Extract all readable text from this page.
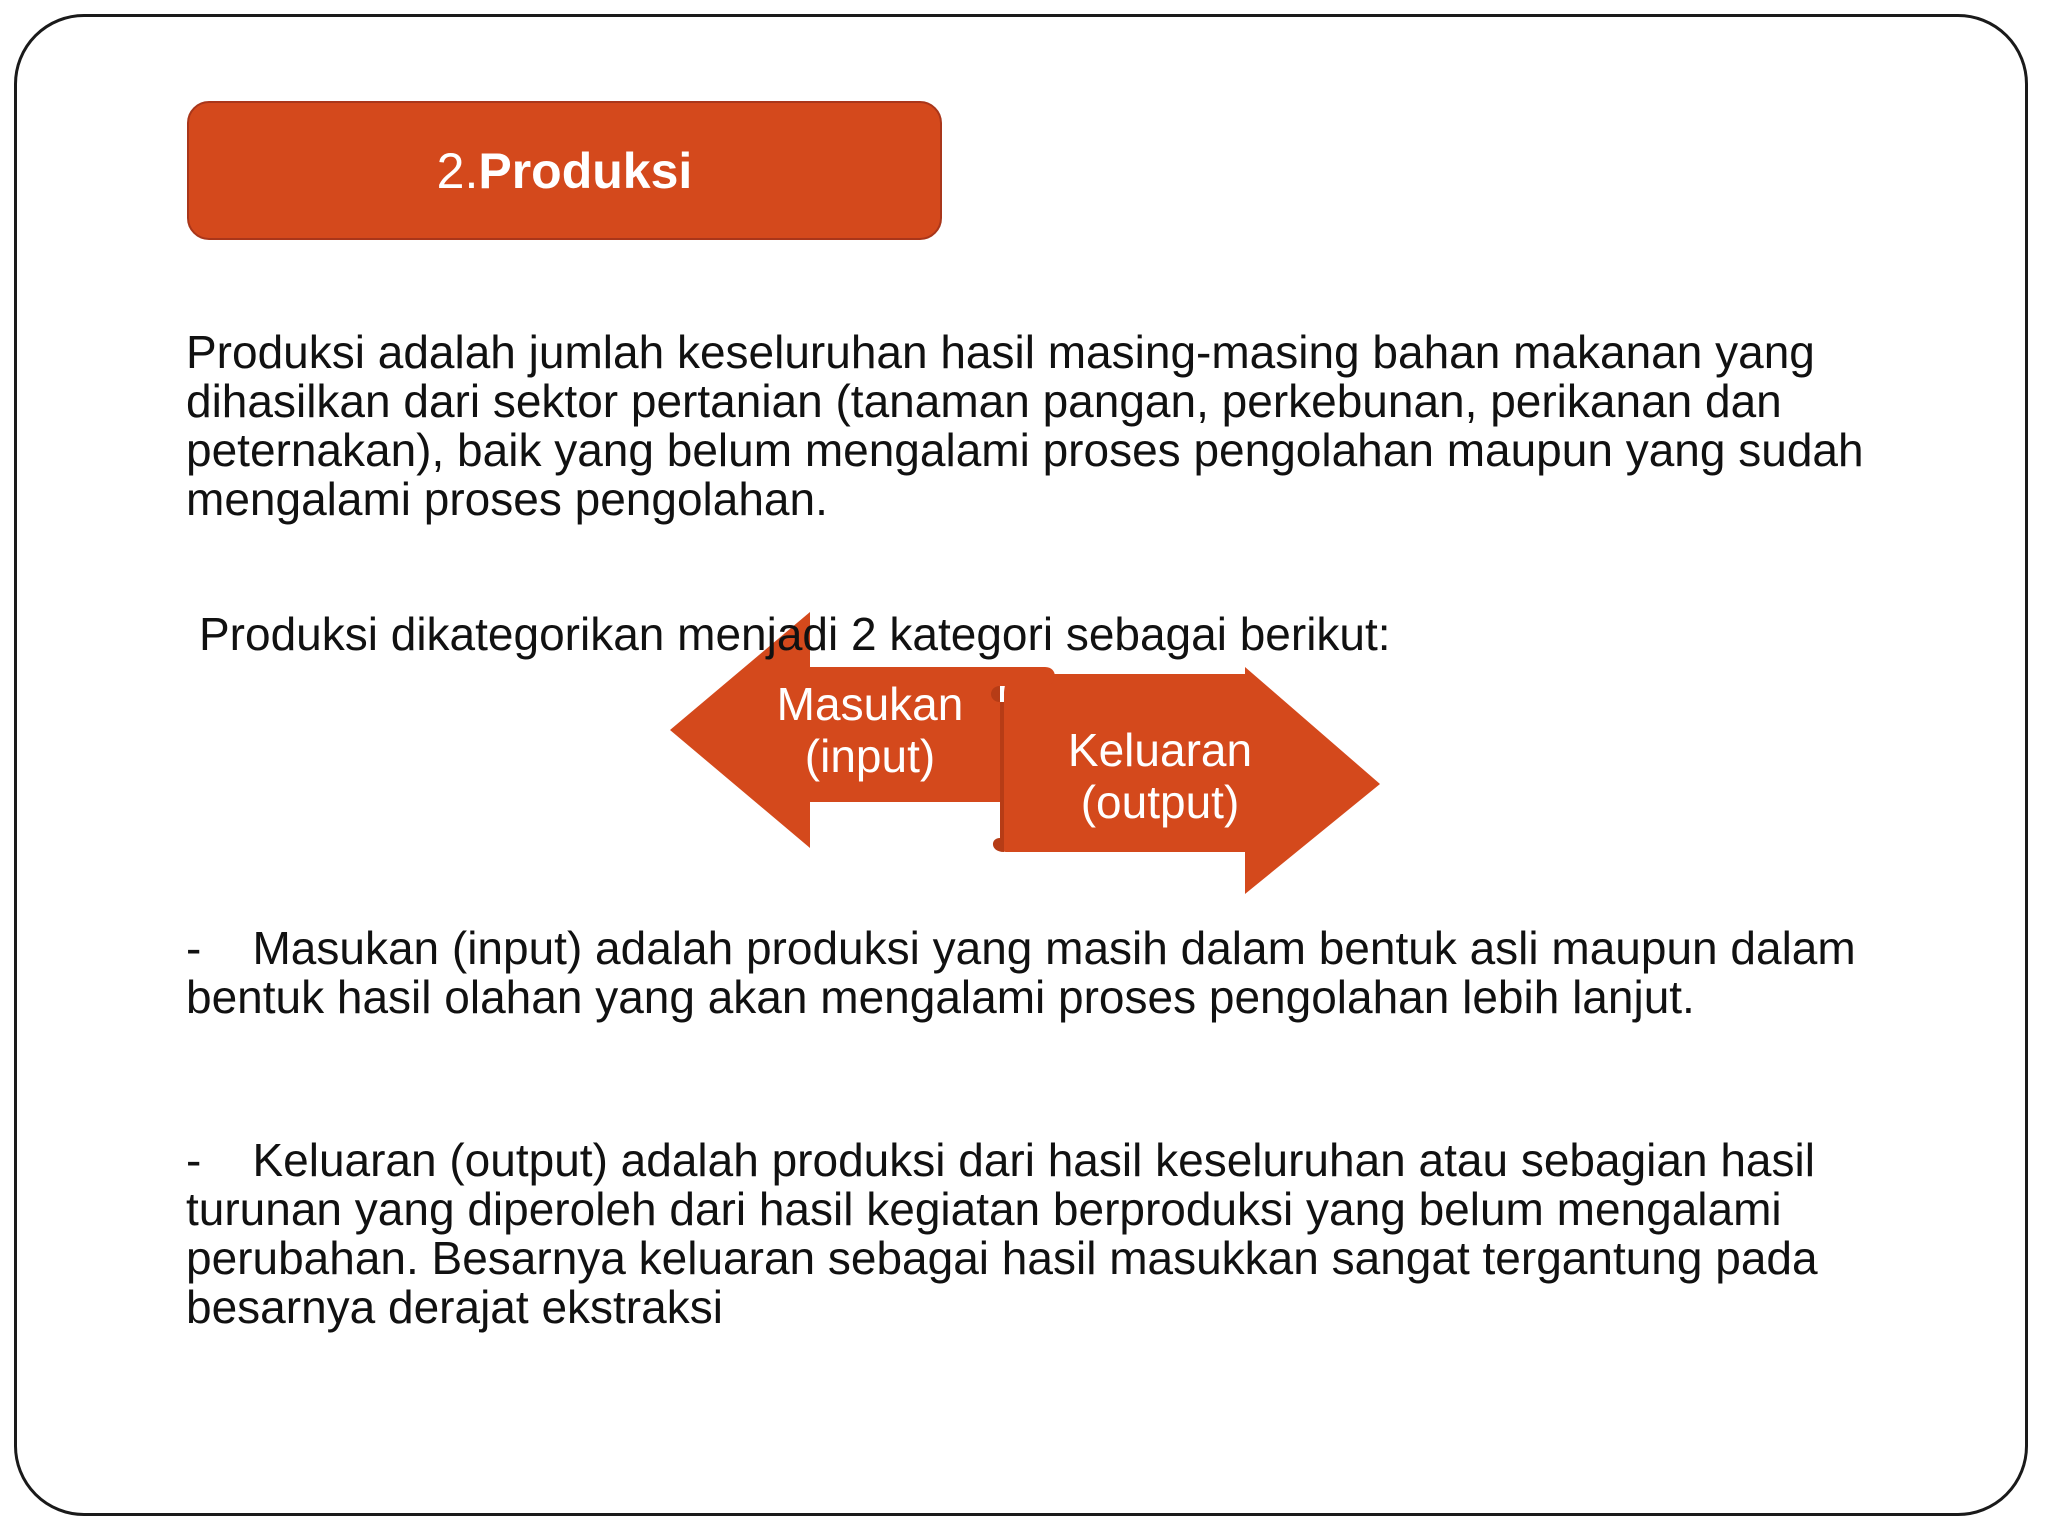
2. Produksi

Produksi adalah jumlah keseluruhan hasil masing-masing bahan makanan yang dihasilkan dari sektor pertanian (tanaman pangan, perkebunan, perikanan dan peternakan), baik yang belum mengalami proses pengolahan maupun yang sudah mengalami proses pengolahan.

Masukan (input)	Keluaran (output)

Produksi dikategorikan menjadi 2 kategori sebagai berikut:

- Masukan (input) adalah produksi yang masih dalam bentuk asli maupun dalam bentuk hasil olahan yang akan mengalami proses pengolahan lebih lanjut.

- Keluaran (output) adalah produksi dari hasil keseluruhan atau sebagian hasil turunan yang diperoleh dari hasil kegiatan berproduksi yang belum mengalami perubahan. Besarnya keluaran sebagai hasil masukkan sangat tergantung pada besarnya derajat ekstraksi
